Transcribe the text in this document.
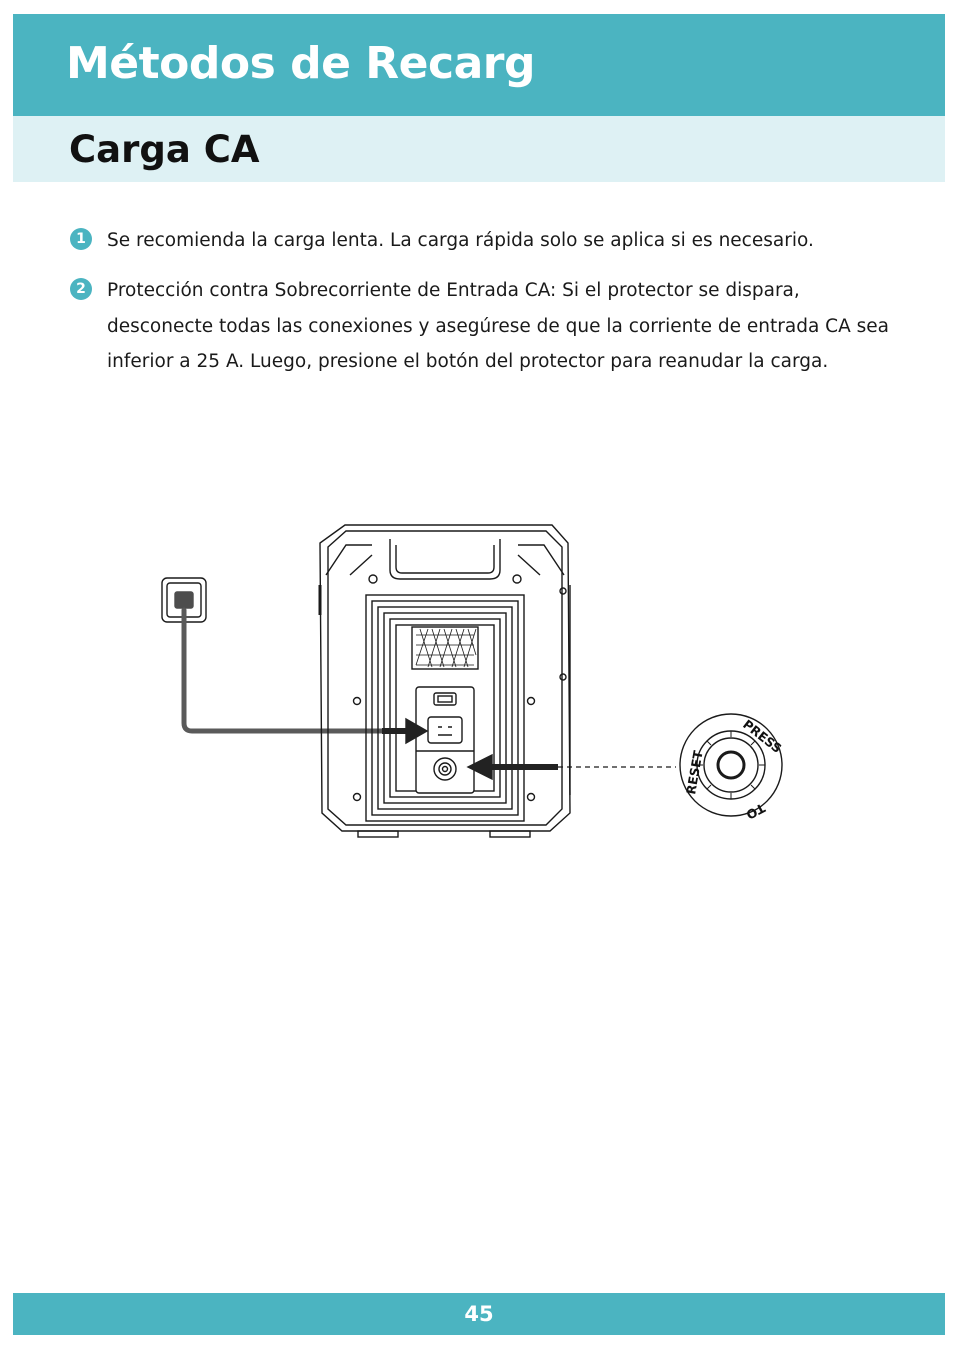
Métodos de Recarg
Carga CA
1	Se recomienda la carga lenta. La carga rápida solo se aplica si es necesario.
2	Protección contra Sobrecorriente de Entrada CA: Si el protector se dispara, desconecte todas las conexiones y asegúrese de que la corriente de entrada CA sea inferior a 25 A. Luego, presione el botón del protector para reanudar la carga.
PRESS
RESET
TO
45
